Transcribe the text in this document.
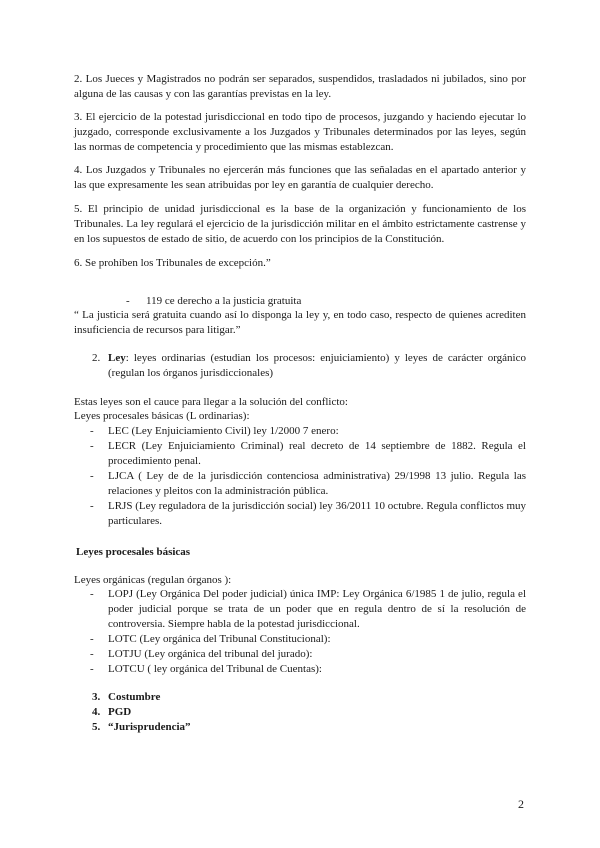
2. Los Jueces y Magistrados no podrán ser separados, suspendidos, trasladados ni jubilados, sino por alguna de las causas y con las garantías previstas en la ley.

3. El ejercicio de la potestad jurisdiccional en todo tipo de procesos, juzgando y haciendo ejecutar lo juzgado, corresponde exclusivamente a los Juzgados y Tribunales determinados por las leyes, según las normas de competencia y procedimiento que las mismas establezcan.

4. Los Juzgados y Tribunales no ejercerán más funciones que las señaladas en el apartado anterior y las que expresamente les sean atribuidas por ley en garantía de cualquier derecho.

5. El principio de unidad jurisdiccional es la base de la organización y funcionamiento de los Tribunales. La ley regulará el ejercicio de la jurisdicción militar en el ámbito estrictamente castrense y en los supuestos de estado de sitio, de acuerdo con los principios de la Constitución.

6. Se prohíben los Tribunales de excepción.”

- 119 ce derecho a la justicia gratuita

“ La justicia será gratuita cuando así lo disponga la ley y, en todo caso, respecto de quienes acrediten insuficiencia de recursos para litigar.”

2. Ley: leyes ordinarias (estudian los procesos: enjuiciamiento) y leyes de carácter orgánico (regulan los órganos jurisdiccionales)

Estas leyes son el cauce para llegar a la solución del conflicto:

Leyes procesales básicas (L ordinarias):

- LEC (Ley Enjuiciamiento Civil) ley 1/2000 7 enero:
- LECR (Ley Enjuiciamiento Criminal) real decreto de 14 septiembre de 1882. Regula el procedimiento penal.
- LJCA ( Ley de de la jurisdicción contenciosa administrativa) 29/1998 13 julio. Regula las relaciones y pleitos con la administración pública.
- LRJS (Ley reguladora de la jurisdicción social) ley 36/2011 10 octubre. Regula conflictos muy particulares.

Leyes procesales básicas

Leyes orgánicas (regulan órganos ):

- LOPJ (Ley Orgánica Del poder judicial) única IMP: Ley Orgánica 6/1985 1 de julio, regula el poder judicial porque se trata de un poder que en regula dentro de sí la resolución de controversia. Siempre habla de la potestad jurisdiccional.
- LOTC (Ley orgánica del Tribunal Constitucional):
- LOTJU (Ley orgánica del tribunal del jurado):
- LOTCU ( ley orgánica del Tribunal de Cuentas):
3. Costumbre
4. PGD
5. “Jurisprudencia”
2
